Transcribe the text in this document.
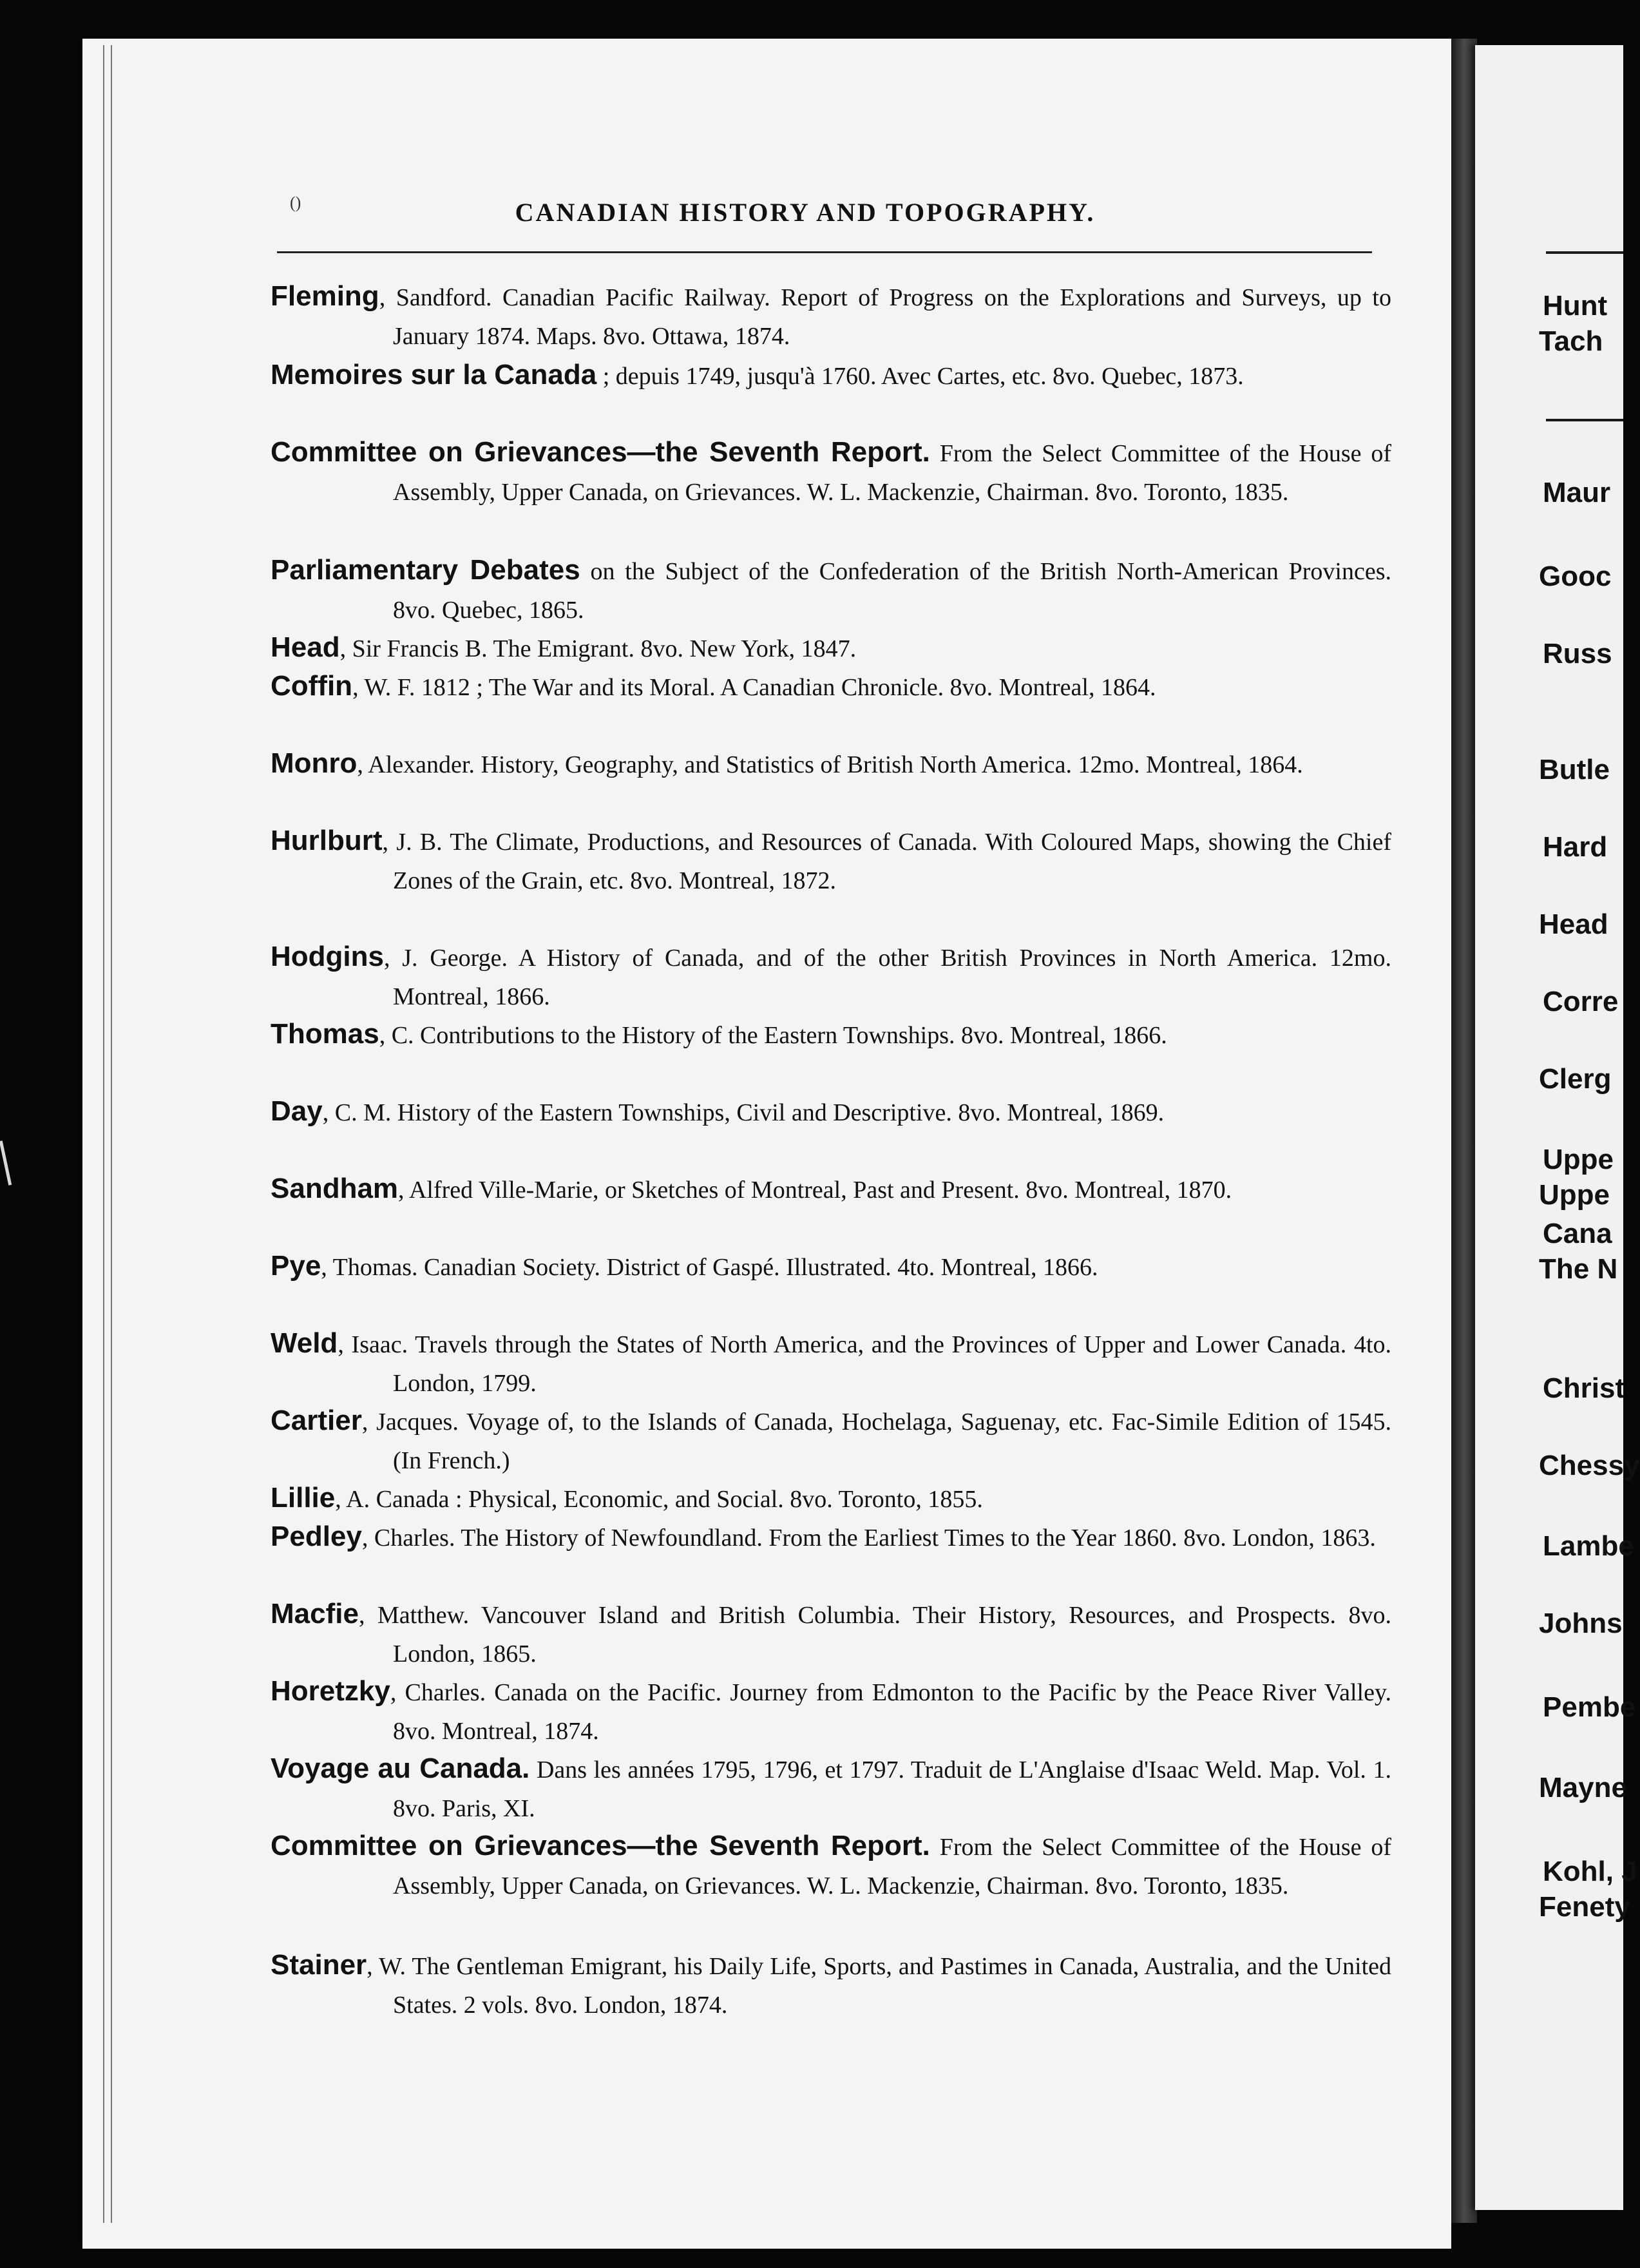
()	CANADIAN HISTORY AND TOPOGRAPHY.
Fleming, Sandford. Canadian Pacific Railway. Report of Progress on the Explorations and Surveys, up to January 1874. Maps. 8vo. Ottawa, 1874.
Memoires sur la Canada ; depuis 1749, jusqu'à 1760. Avec Cartes, etc. 8vo. Quebec, 1873.
Committee on Grievances—the Seventh Report. From the Select Committee of the House of Assembly, Upper Canada, on Grievances. W. L. Mackenzie, Chairman. 8vo. Toronto, 1835.
Parliamentary Debates on the Subject of the Confederation of the British North-American Provinces. 8vo. Quebec, 1865.
Head, Sir Francis B. The Emigrant. 8vo. New York, 1847.
Coffin, W. F. 1812 ; The War and its Moral. A Canadian Chronicle. 8vo. Montreal, 1864.
Monro, Alexander. History, Geography, and Statistics of British North America. 12mo. Montreal, 1864.
Hurlburt, J. B. The Climate, Productions, and Resources of Canada. With Coloured Maps, showing the Chief Zones of the Grain, etc. 8vo. Montreal, 1872.
Hodgins, J. George. A History of Canada, and of the other British Provinces in North America. 12mo. Montreal, 1866.
Thomas, C. Contributions to the History of the Eastern Townships. 8vo. Montreal, 1866.
Day, C. M. History of the Eastern Townships, Civil and Descriptive. 8vo. Montreal, 1869.
Sandham, Alfred Ville-Marie, or Sketches of Montreal, Past and Present. 8vo. Montreal, 1870.
Pye, Thomas. Canadian Society. District of Gaspé. Illustrated. 4to. Montreal, 1866.
Weld, Isaac. Travels through the States of North America, and the Provinces of Upper and Lower Canada. 4to. London, 1799.
Cartier, Jacques. Voyage of, to the Islands of Canada, Hochelaga, Saguenay, etc. Fac-Simile Edition of 1545. (In French.)
Lillie, A. Canada : Physical, Economic, and Social. 8vo. Toronto, 1855.
Pedley, Charles. The History of Newfoundland. From the Earliest Times to the Year 1860. 8vo. London, 1863.
Macfie, Matthew. Vancouver Island and British Columbia. Their History, Resources, and Prospects. 8vo. London, 1865.
Horetzky, Charles. Canada on the Pacific. Journey from Edmonton to the Pacific by the Peace River Valley. 8vo. Montreal, 1874.
Voyage au Canada. Dans les années 1795, 1796, et 1797. Traduit de L'Anglaise d'Isaac Weld. Map. Vol. 1. 8vo. Paris, XI.
Committee on Grievances—the Seventh Report. From the Select Committee of the House of Assembly, Upper Canada, on Grievances. W. L. Mackenzie, Chairman. 8vo. Toronto, 1835.
Stainer, W. The Gentleman Emigrant, his Daily Life, Sports, and Pastimes in Canada, Australia, and the United States. 2 vols. 8vo. London, 1874.
Hunt
Tach
Maur
Gooc
Russ
Butle
Hard
Head
Corre
Clerg
Uppe
Uppe
Cana
The N
Christ
Chessy
Lambe
Johns
Pembe
Mayne
Kohl, J
Fenety
